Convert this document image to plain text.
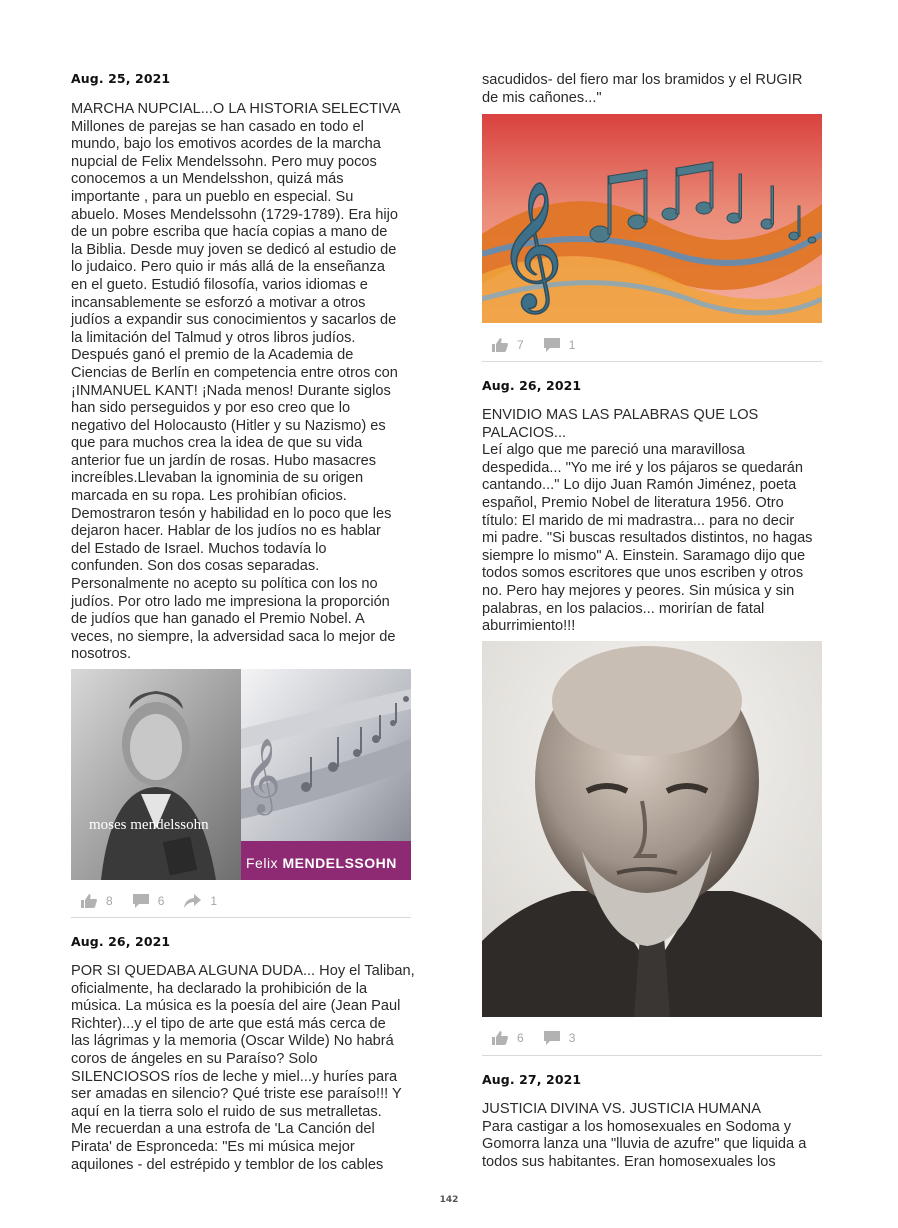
Aug. 25, 2021
MARCHA NUPCIAL...O LA HISTORIA SELECTIVA
Millones de parejas se han casado en todo el
mundo, bajo los emotivos acordes de la marcha
nupcial de Felix Mendelssohn. Pero muy pocos
conocemos a un Mendelsshon, quizá más
importante , para un pueblo en especial. Su
abuelo. Moses Mendelssohn (1729-1789). Era hijo
de un pobre escriba que hacía copias a mano de
la Biblia. Desde muy joven se dedicó al estudio de
lo judaico. Pero quio ir más allá de la enseñanza
en el gueto. Estudió filosofía, varios idiomas e
incansablemente se esforzó a motivar a otros
judíos a expandir sus conocimientos y sacarlos de
la limitación del Talmud y otros libros judíos.
Después ganó el premio de la Academia de
Ciencias de Berlín en competencia entre otros con
¡INMANUEL KANT! ¡Nada menos! Durante siglos
han sido perseguidos y por eso creo que lo
negativo del Holocausto (Hitler y su Nazismo) es
que para muchos crea la idea de que su vida
anterior fue un jardín de rosas. Hubo masacres
increíbles.Llevaban la ignominia de su origen
marcada en su ropa. Les prohibían oficios.
Demostraron tesón y habilidad en lo poco que les
dejaron hacer. Hablar de los judíos no es hablar
del Estado de Israel. Muchos todavía lo
confunden. Son dos cosas separadas.
Personalmente no acepto su política con los no
judíos. Por otro lado me impresiona la proporción
de judíos que han ganado el Premio Nobel. A
veces, no siempre, la adversidad saca lo mejor de
nosotros.
moses mendelssohn
𝄞
Felix MENDELSSOHN
8	6	1
Aug. 26, 2021
POR SI QUEDABA ALGUNA DUDA... Hoy el Taliban,
oficialmente, ha declarado la prohibición de la
música. La música es la poesía del aire (Jean Paul
Richter)...y el tipo de arte que está más cerca de
las lágrimas y la memoria (Oscar Wilde) No habrá
coros de ángeles en su Paraíso? Solo
SILENCIOSOS ríos de leche y miel...y huríes para
ser amadas en silencio? Qué triste ese paraíso!!! Y
aquí en la tierra solo el ruido de sus metralletas.
Me recuerdan a una estrofa de 'La Canción del
Pirata' de Espronceda: "Es mi música mejor
aquilones - del estrépido y temblor de los cables
sacudidos- del fiero mar los bramidos y el RUGIR
de mis cañones..."
𝄞
7	1
Aug. 26, 2021
ENVIDIO MAS LAS PALABRAS QUE LOS
PALACIOS...
Leí algo que me pareció una maravillosa
despedida... "Yo me iré y los pájaros se quedarán
cantando..." Lo dijo Juan Ramón Jiménez, poeta
español, Premio Nobel de literatura 1956. Otro
título: El marido de mi madrastra... para no decir
mi padre. "Si buscas resultados distintos, no hagas
siempre lo mismo" A. Einstein. Saramago dijo que
todos somos escritores que unos escriben y otros
no. Pero hay mejores y peores. Sin música y sin
palabras, en los palacios... morirían de fatal
aburrimiento!!!
6	3
Aug. 27, 2021
JUSTICIA DIVINA VS. JUSTICIA HUMANA
Para castigar a los homosexuales en Sodoma y
Gomorra lanza una "lluvia de azufre" que liquida a
todos sus habitantes. Eran homosexuales los
142
